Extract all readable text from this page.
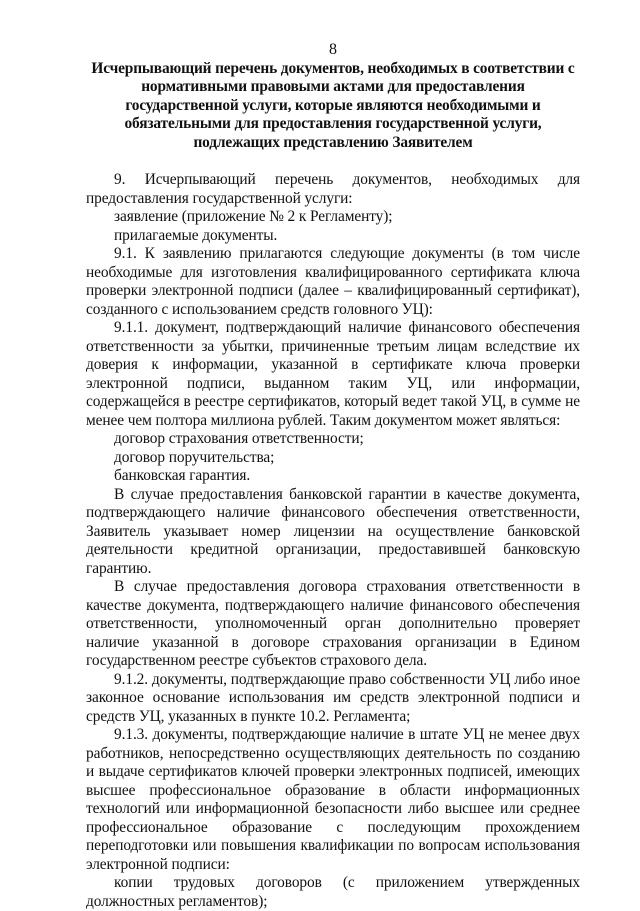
8

Исчерпывающий перечень документов, необходимых в соответствии с нормативными правовыми актами для предоставления государственной услуги, которые являются необходимыми и обязательными для предоставления государственной услуги, подлежащих представлению Заявителем

9. Исчерпывающий перечень документов, необходимых для предоставления государственной услуги:

заявление (приложение № 2 к Регламенту);

прилагаемые документы.

9.1. К заявлению прилагаются следующие документы (в том числе необходимые для изготовления квалифицированного сертификата ключа проверки электронной подписи (далее – квалифицированный сертификат), созданного с использованием средств головного УЦ):

9.1.1. документ, подтверждающий наличие финансового обеспечения ответственности за убытки, причиненные третьим лицам вследствие их доверия к информации, указанной в сертификате ключа проверки электронной подписи, выданном таким УЦ, или информации, содержащейся в реестре сертификатов, который ведет такой УЦ, в сумме не менее чем полтора миллиона рублей. Таким документом может являться:

договор страхования ответственности;

договор поручительства;

банковская гарантия.

В случае предоставления банковской гарантии в качестве документа, подтверждающего наличие финансового обеспечения ответственности, Заявитель указывает номер лицензии на осуществление банковской деятельности кредитной организации, предоставившей банковскую гарантию.

В случае предоставления договора страхования ответственности в качестве документа, подтверждающего наличие финансового обеспечения ответственности, уполномоченный орган дополнительно проверяет наличие указанной в договоре страхования организации в Едином государственном реестре субъектов страхового дела.

9.1.2. документы, подтверждающие право собственности УЦ либо иное законное основание использования им средств электронной подписи и средств УЦ, указанных в пункте 10.2. Регламента;

9.1.3. документы, подтверждающие наличие в штате УЦ не менее двух работников, непосредственно осуществляющих деятельность по созданию и выдаче сертификатов ключей проверки электронных подписей, имеющих высшее профессиональное образование в области информационных технологий или информационной безопасности либо высшее или среднее профессиональное образование с последующим прохождением переподготовки или повышения квалификации по вопросам использования электронной подписи:

копии трудовых договоров (с приложением утвержденных должностных регламентов);
